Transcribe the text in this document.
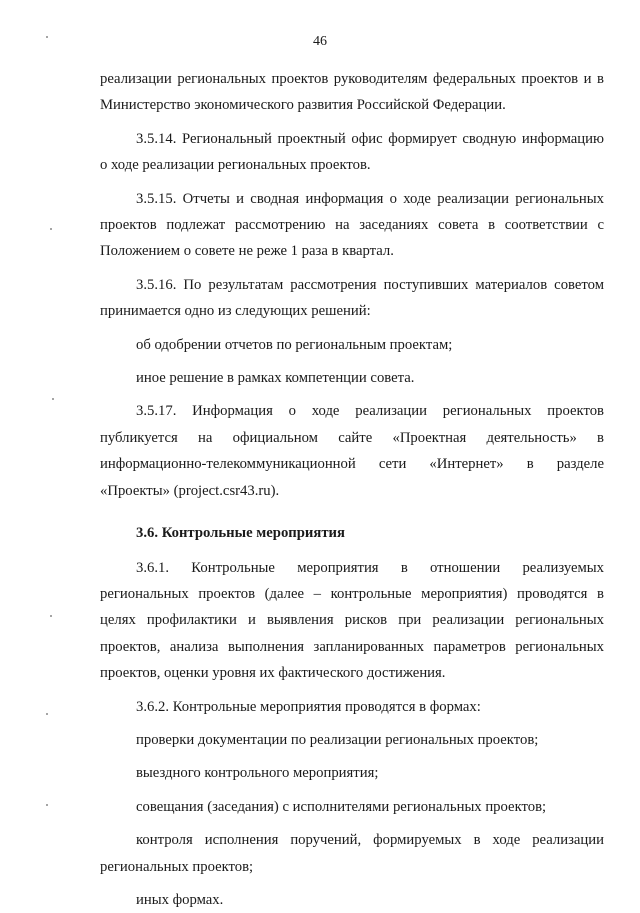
46

реализации региональных проектов руководителям федеральных проектов и в
Министерство экономического развития Российской Федерации.

3.5.14. Региональный проектный офис формирует сводную информацию
о ходе реализации региональных проектов.

3.5.15. Отчеты и сводная информация о ходе реализации региональных
проектов подлежат рассмотрению на заседаниях совета в соответствии с
Положением о совете не реже 1 раза в квартал.

3.5.16. По результатам рассмотрения поступивших материалов советом
принимается одно из следующих решений:

об одобрении отчетов по региональным проектам;

иное решение в рамках компетенции совета.

3.5.17. Информация о ходе реализации региональных проектов
публикуется на официальном сайте «Проектная деятельность» в
информационно-телекоммуникационной сети «Интернет» в разделе
«Проекты» (project.csr43.ru).

3.6. Контрольные мероприятия

3.6.1. Контрольные мероприятия в отношении реализуемых
региональных проектов (далее – контрольные мероприятия) проводятся в
целях профилактики и выявления рисков при реализации региональных
проектов, анализа выполнения запланированных параметров региональных
проектов, оценки уровня их фактического достижения.

3.6.2. Контрольные мероприятия проводятся в формах:

проверки документации по реализации региональных проектов;

выездного контрольного мероприятия;

совещания (заседания) с исполнителями региональных проектов;

контроля исполнения поручений, формируемых в ходе реализации
региональных проектов;

иных формах.
